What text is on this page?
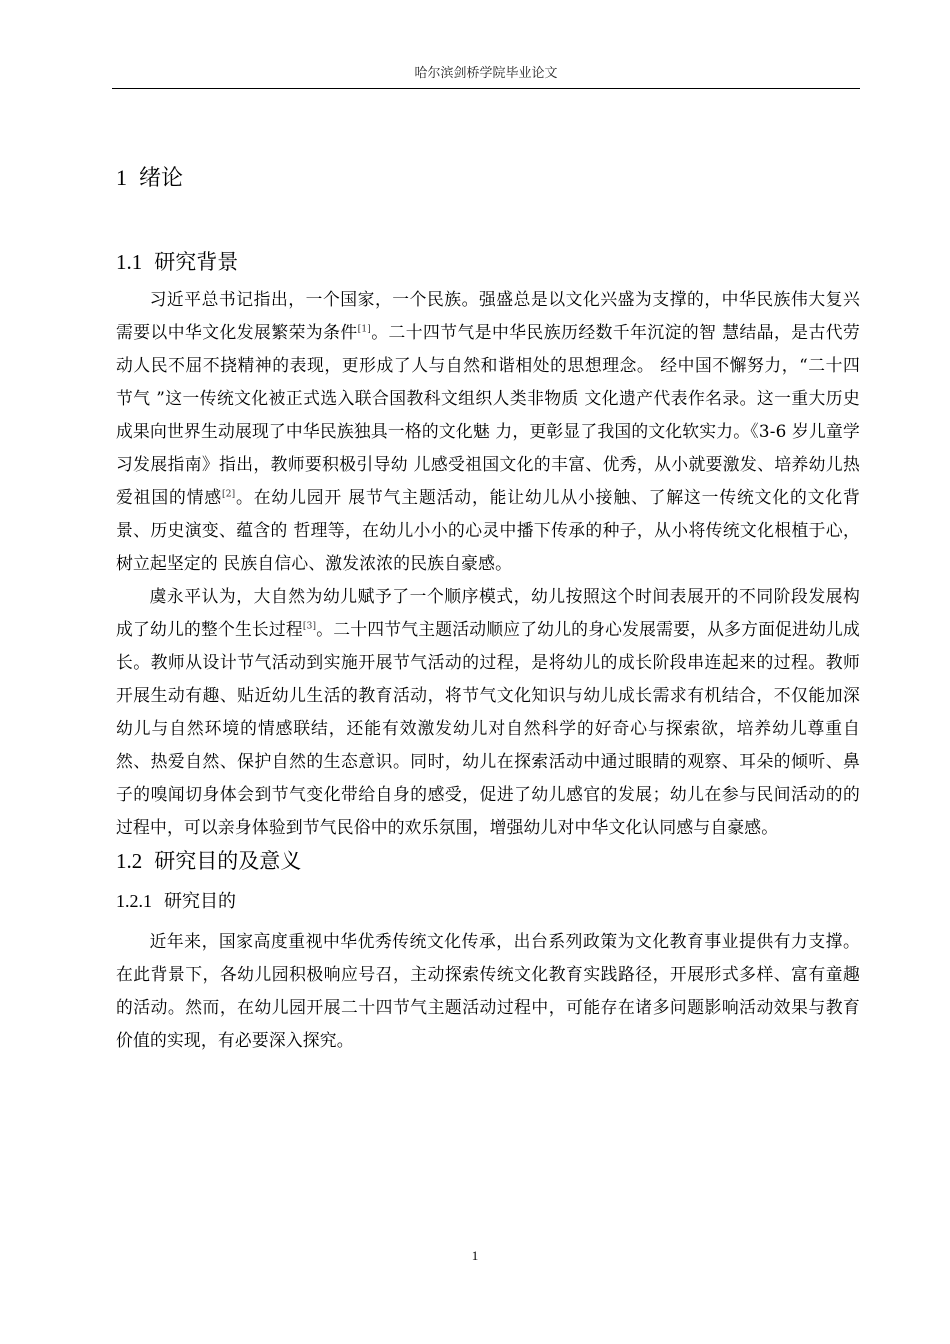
哈尔滨剑桥学院毕业论文
1 绪论
1.1 研究背景

习近平总书记指出，一个国家，一个民族。强盛总是以文化兴盛为支撑的，中华民族伟大复兴需要以中华文化发展繁荣为条件[1]。二十四节气是中华民族历经数千年沉淀的智 慧结晶，是古代劳动人民不屈不挠精神的表现，更形成了人与自然和谐相处的思想理念。 经中国不懈努力，“二十四节气 ”这一传统文化被正式选入联合国教科文组织人类非物质 文化遗产代表作名录。这一重大历史成果向世界生动展现了中华民族独具一格的文化魅 力，更彰显了我国的文化软实力。《3-6 岁儿童学习发展指南》指出，教师要积极引导幼 儿感受祖国文化的丰富、优秀，从小就要激发、培养幼儿热爱祖国的情感[2]。在幼儿园开 展节气主题活动，能让幼儿从小接触、了解这一传统文化的文化背景、历史演变、蕴含的 哲理等，在幼儿小小的心灵中播下传承的种子，从小将传统文化根植于心，树立起坚定的 民族自信心、激发浓浓的民族自豪感。

虞永平认为，大自然为幼儿赋予了一个顺序模式，幼儿按照这个时间表展开的不同阶段发展构成了幼儿的整个生长过程[3]。二十四节气主题活动顺应了幼儿的身心发展需要，从多方面促进幼儿成长。教师从设计节气活动到实施开展节气活动的过程，是将幼儿的成长阶段串连起来的过程。教师开展生动有趣、贴近幼儿生活的教育活动，将节气文化知识与幼儿成长需求有机结合，不仅能加深幼儿与自然环境的情感联结，还能有效激发幼儿对自然科学的好奇心与探索欲，培养幼儿尊重自然、热爱自然、保护自然的生态意识。同时，幼儿在探索活动中通过眼睛的观察、耳朵的倾听、鼻子的嗅闻切身体会到节气变化带给自身的感受，促进了幼儿感官的发展；幼儿在参与民间活动的的过程中，可以亲身体验到节气民俗中的欢乐氛围，增强幼儿对中华文化认同感与自豪感。

1.2 研究目的及意义
1.2.1 研究目的

近年来，国家高度重视中华优秀传统文化传承，出台系列政策为文化教育事业提供有力支撑。在此背景下，各幼儿园积极响应号召，主动探索传统文化教育实践路径，开展形式多样、富有童趣的活动。然而，在幼儿园开展二十四节气主题活动过程中，可能存在诸多问题影响活动效果与教育价值的实现，有必要深入探究。

1
